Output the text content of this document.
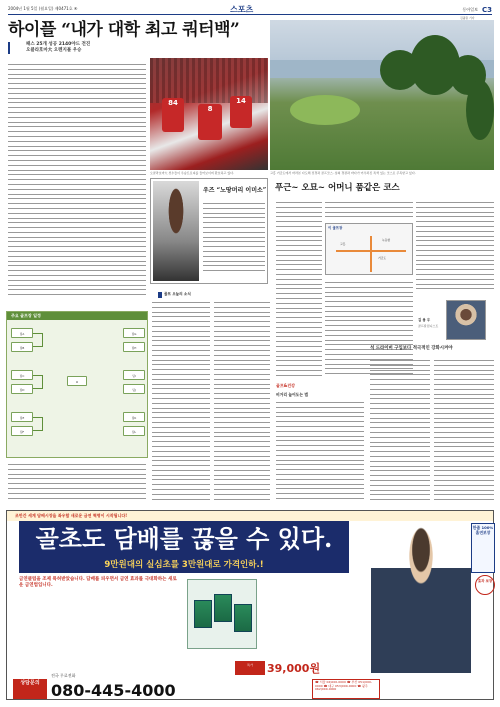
2004년 1월 5일 (월요일) 제0471호 ④	스포츠	동아일보 C3
하이플 “내가 대학 최고 쿼터백”
패스 25개 성공 2140야드 전진
오클라호마大 오렌지볼 우승
84
8
14
오클라호마大 선수들이 우승트로피를 들어보이며 환호하고 있다.	고흥 거금도에서 바라본 다도해 전경과 골프코스. 섬의 경관과 바다가 어우러진 특색 있는 코스로 주목받고 있다.
김광원 기자
우즈 “노땅머리 이미소” 푸근~ 오묘~ 어머니 품같은 코스
이 골프장
고흥
거금도
녹동항
김 용 우
골프칼럼니스트
주요 골프장 일정
팀A
팀B
팀C
팀D
팀E
팀F
팀G
팀H
팀I
팀J
팀K
팀L
★
골프 오늘의 소식
골프&건강
비거리 늘어도는 법
석 드라이버 구입보다 적극적인 강화시켜야
조만간 세계 담배시장을 좌우할 새로운 금연 혁명이 시작됩니다!
골초도 담배를 끊을 수 있다.
9만원대의 실심초를 3만원대로 가격인하.!
금연클럽을 조제 특허받았습니다. 담배를 피우면서 금연 효과를 극대화하는 새로운 금연법입니다.
한줄 100% 흡연보장
효과 보장
특가	39,000원
상담문의
전국 무료전화
080-445-4000	☎ 서울 02)000-0000 ☎ 부산 051)000-0000 ☎ 대구 053)000-0000 ☎ 광주 062)000-0000
